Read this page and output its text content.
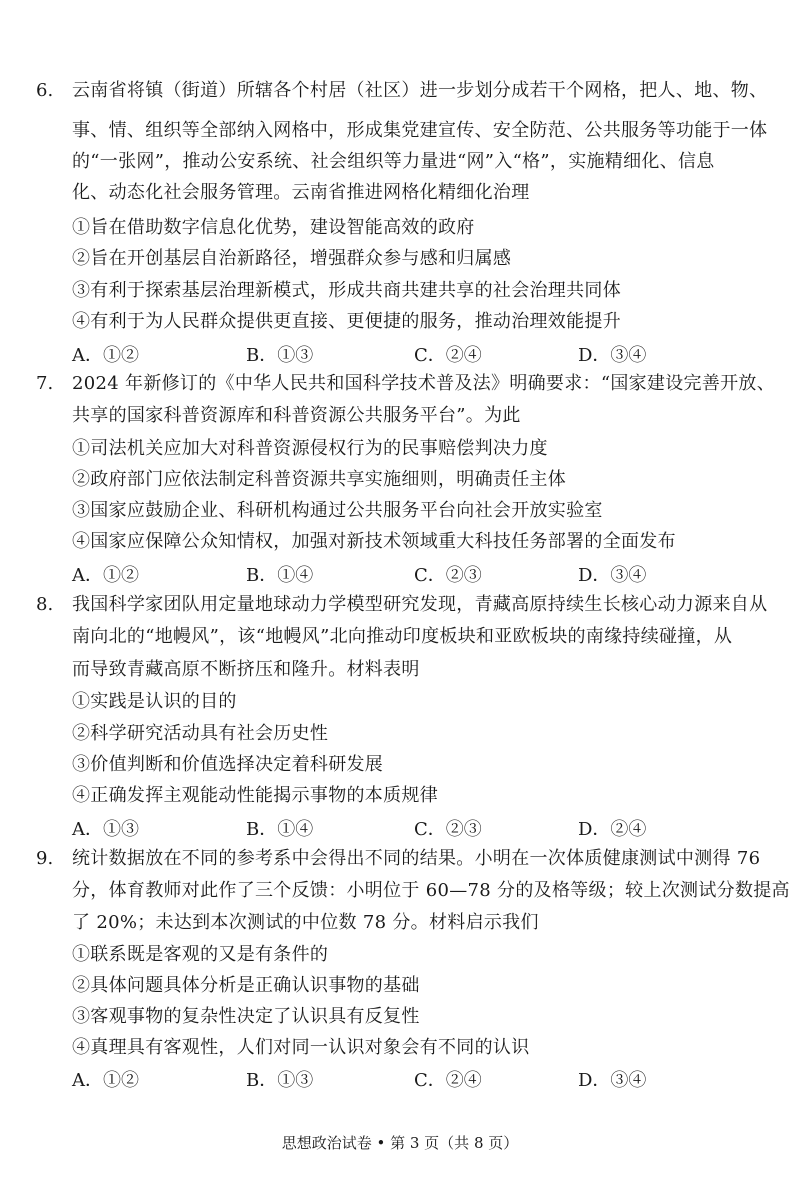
6. 云南省将镇（街道）所辖各个村居（社区）进一步划分成若干个网格，把人、地、物、
事、情、组织等全部纳入网格中，形成集党建宣传、安全防范、公共服务等功能于一体
的“一张网”，推动公安系统、社会组织等力量进“网”入“格”，实施精细化、信息
化、动态化社会服务管理。云南省推进网格化精细化治理
①旨在借助数字信息化优势，建设智能高效的政府
②旨在开创基层自治新路径，增强群众参与感和归属感
③有利于探索基层治理新模式，形成共商共建共享的社会治理共同体
④有利于为人民群众提供更直接、更便捷的服务，推动治理效能提升
A．①②	B．①③	C．②④	D．③④
7. 2024 年新修订的《中华人民共和国科学技术普及法》明确要求：“国家建设完善开放、
共享的国家科普资源库和科普资源公共服务平台”。为此
①司法机关应加大对科普资源侵权行为的民事赔偿判决力度
②政府部门应依法制定科普资源共享实施细则，明确责任主体
③国家应鼓励企业、科研机构通过公共服务平台向社会开放实验室
④国家应保障公众知情权，加强对新技术领域重大科技任务部署的全面发布
A．①②	B．①④	C．②③	D．③④
8. 我国科学家团队用定量地球动力学模型研究发现，青藏高原持续生长核心动力源来自从
南向北的“地幔风”，该“地幔风”北向推动印度板块和亚欧板块的南缘持续碰撞，从
而导致青藏高原不断挤压和隆升。材料表明
①实践是认识的目的
②科学研究活动具有社会历史性
③价值判断和价值选择决定着科研发展
④正确发挥主观能动性能揭示事物的本质规律
A．①③	B．①④	C．②③	D．②④
9. 统计数据放在不同的参考系中会得出不同的结果。小明在一次体质健康测试中测得 76
分，体育教师对此作了三个反馈：小明位于 60—78 分的及格等级；较上次测试分数提高
了 20%；未达到本次测试的中位数 78 分。材料启示我们
①联系既是客观的又是有条件的
②具体问题具体分析是正确认识事物的基础
③客观事物的复杂性决定了认识具有反复性
④真理具有客观性，人们对同一认识对象会有不同的认识
A．①②	B．①③	C．②④	D．③④
思想政治试卷 • 第 3 页（共 8 页）
